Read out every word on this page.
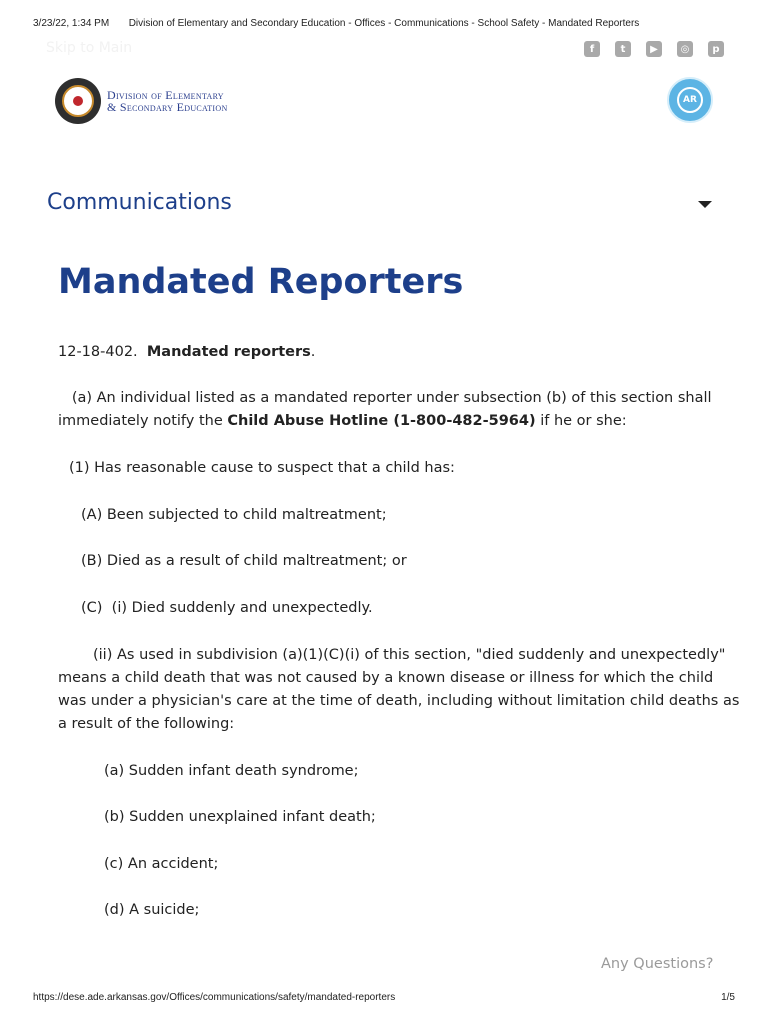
3/23/22, 1:34 PM	Division of Elementary and Secondary Education - Offices - Communications - School Safety - Mandated Reporters
Skip to Main	f	t	▶	◎	p
Division of Elementary
& Secondary Education	AR
Communications
Mandated Reporters
12-18-402.  Mandated reporters.
(a) An individual listed as a mandated reporter under subsection (b) of this section shall
immediately notify the Child Abuse Hotline (1-800-482-5964) if he or she:
(1) Has reasonable cause to suspect that a child has:
(A) Been subjected to child maltreatment;
(B) Died as a result of child maltreatment; or
(C)  (i) Died suddenly and unexpectedly.
(ii) As used in subdivision (a)(1)(C)(i) of this section, "died suddenly and unexpectedly"
means a child death that was not caused by a known disease or illness for which the child
was under a physician's care at the time of death, including without limitation child deaths as
a result of the following:
(a) Sudden infant death syndrome;
(b) Sudden unexplained infant death;
(c) An accident;
(d) A suicide;
Any Questions?
https://dese.ade.arkansas.gov/Offices/communications/safety/mandated-reporters	1/5
